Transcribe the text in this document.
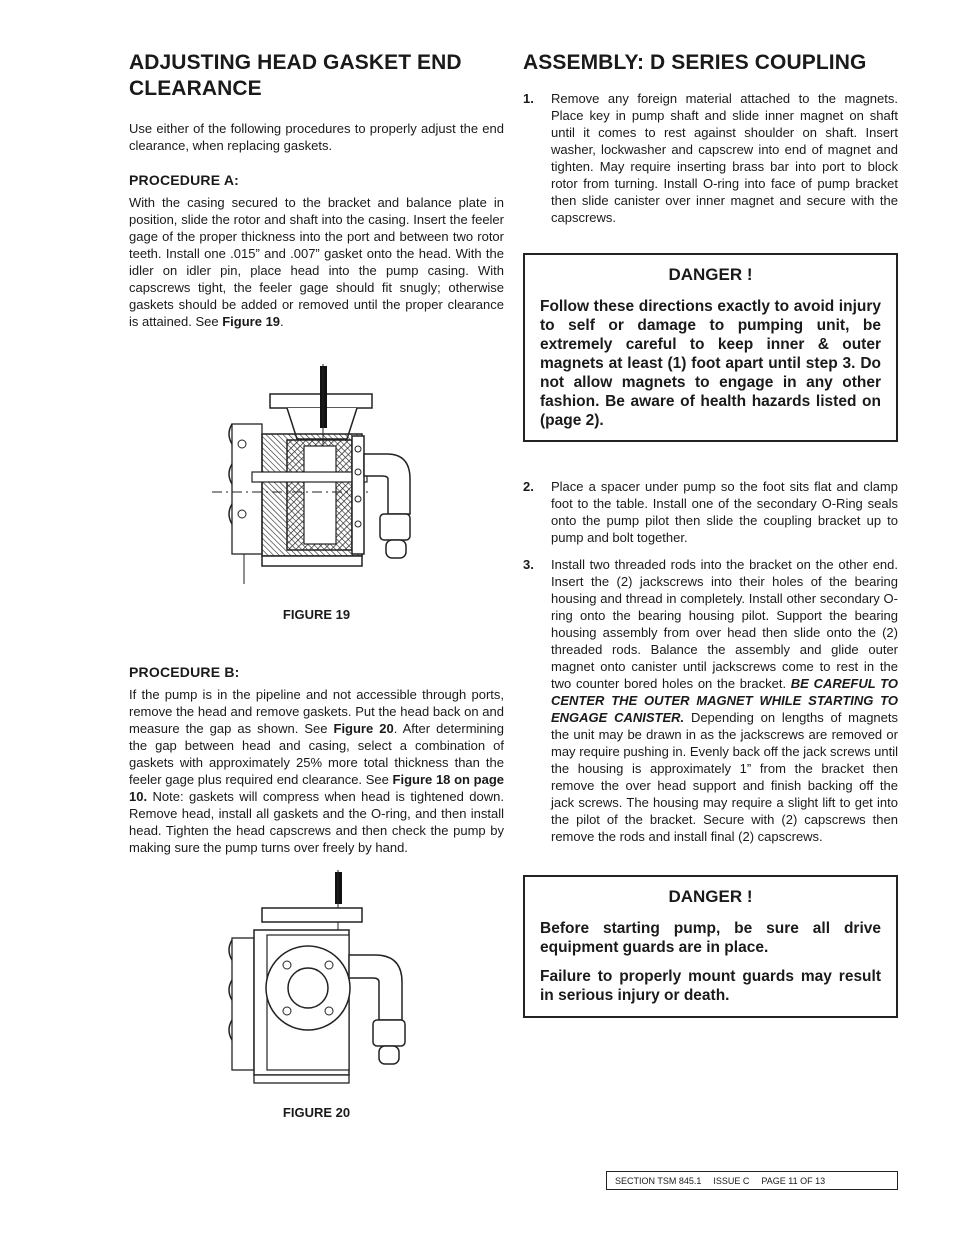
ADJUSTING HEAD GASKET END CLEARANCE

Use either of the following procedures to properly adjust the end clearance, when replacing gaskets.

PROCEDURE A:

With the casing secured to the bracket and balance plate in position, slide the rotor and shaft into the casing. Insert the feeler gage of the proper thickness into the port and between two rotor teeth. Install one .015” and .007” gasket onto the head. With the idler on idler pin, place head into the pump casing. With capscrews tight, the feeler gage should fit snugly; otherwise gaskets should be added or removed until the proper clearance is attained. See Figure 19.

FIGURE 19
PROCEDURE B:

If the pump is in the pipeline and not accessible through ports, remove the head and remove gaskets. Put the head back on and measure the gap as shown. See Figure 20. After determining the gap between head and casing, select a combination of gaskets with approximately 25% more total thickness than the feeler gage plus required end clearance. See Figure 18 on page 10. Note: gaskets will compress when head is tightened down. Remove head, install all gaskets and the O-ring, and then install head. Tighten the head capscrews and then check the pump by making sure the pump turns over freely by hand.

FIGURE 20
ASSEMBLY: D SERIES COUPLING
1. Remove any foreign material attached to the magnets. Place key in pump shaft and slide inner magnet on shaft until it comes to rest against shoulder on shaft. Insert washer, lockwasher and capscrew into end of magnet and tighten. May require inserting brass bar into port to block rotor from turning. Install O-ring into face of pump bracket then slide canister over inner magnet and secure with the capscrews.
DANGER !

Follow these directions exactly to avoid injury to self or damage to pumping unit, be extremely careful to keep inner & outer magnets at least (1) foot apart until step 3. Do not allow magnets to engage in any other fashion. Be aware of health hazards listed on (page 2).

2. Place a spacer under pump so the foot sits flat and clamp foot to the table. Install one of the secondary O-Ring seals onto the pump pilot then slide the coupling bracket up to pump and bolt together.
3. Install two threaded rods into the bracket on the other end. Insert the (2) jackscrews into their holes of the bearing housing and thread in completely. Install other secondary O-ring onto the bearing housing pilot. Support the bearing housing assembly from over head then slide onto the (2) threaded rods. Balance the assembly and glide outer magnet onto canister until jackscrews come to rest in the two counter bored holes on the bracket. BE CAREFUL TO CENTER THE OUTER MAGNET WHILE STARTING TO ENGAGE CANISTER. Depending on lengths of magnets the unit may be drawn in as the jackscrews are removed or may require pushing in. Evenly back off the jack screws until the housing is approximately 1” from the bracket then remove the over head support and finish backing off the jack screws. The housing may require a slight lift to get into the pilot of the bracket. Secure with (2) capscrews then remove the rods and install final (2) capscrews.
DANGER !

Before starting pump, be sure all drive equipment guards are in place.

Failure to properly mount guards may result in serious injury or death.

SECTION TSM 845.1 ISSUE C PAGE 11 OF 13
